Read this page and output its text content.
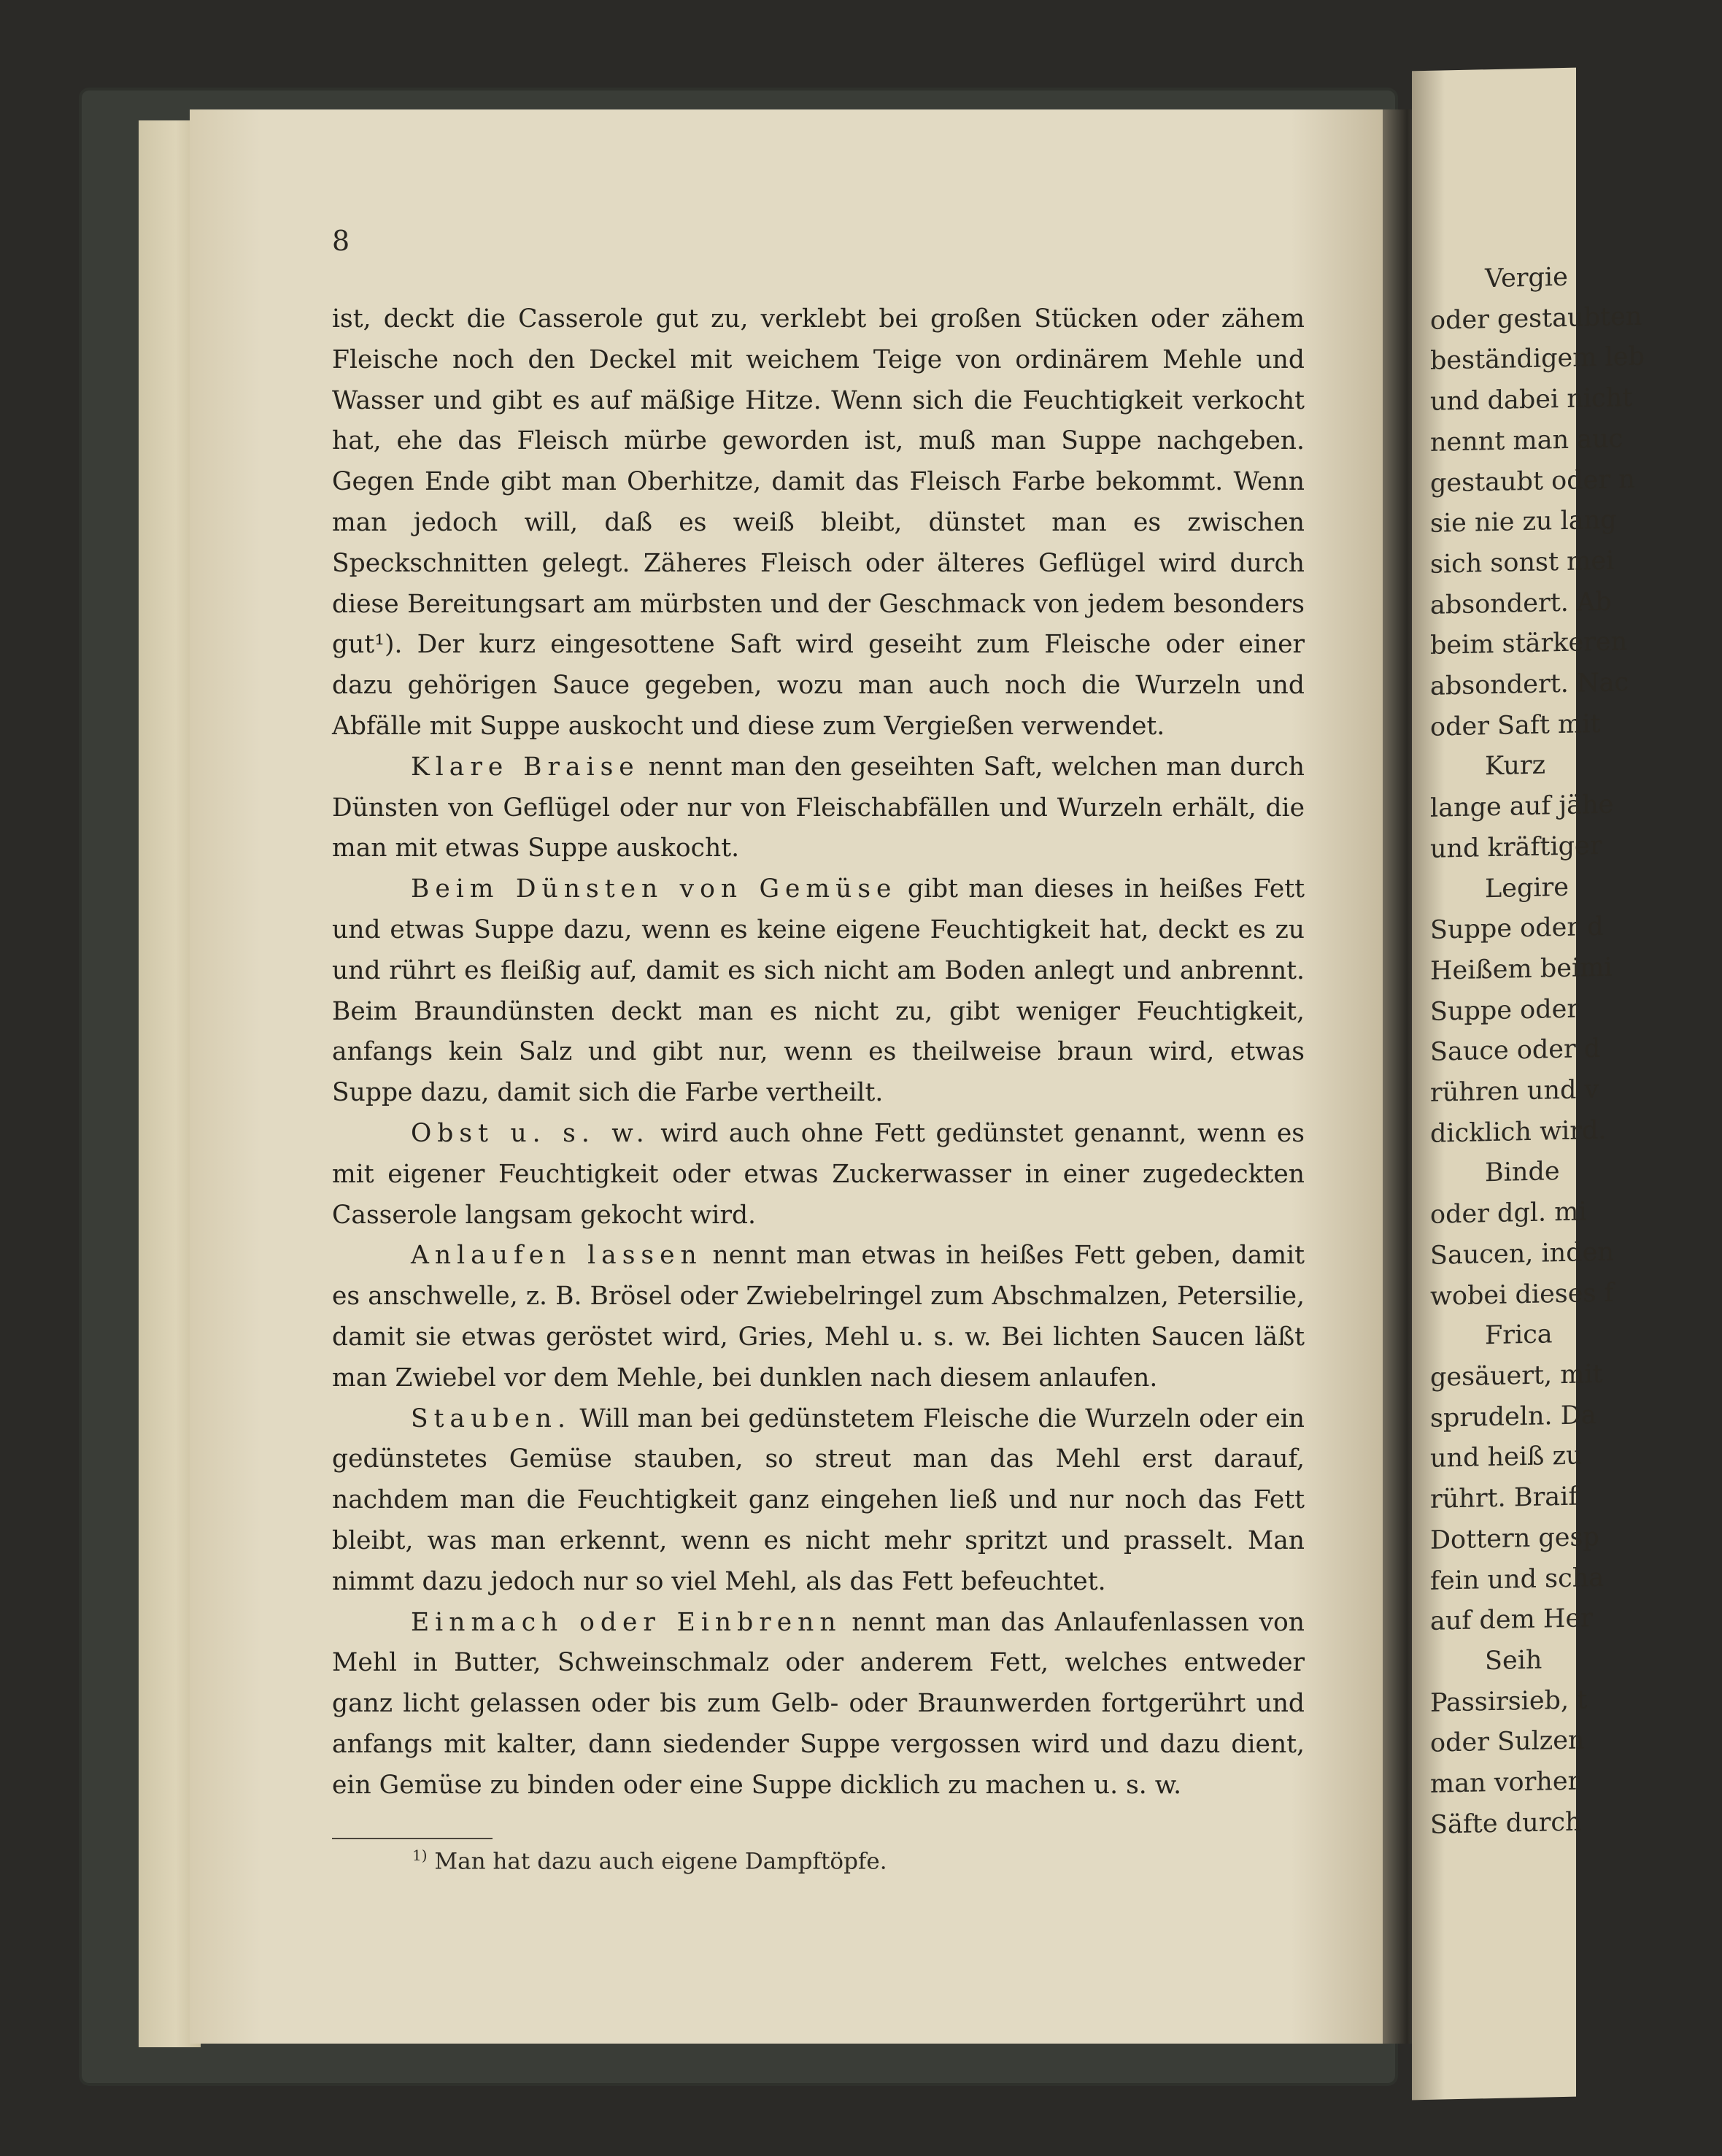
Vergie
oder gestaubten
beständigem leb
und dabei nicht
nennt man auc
gestaubt oder n
sie nie zu lang
sich sonst mei
absondert. Ab
beim stärkeren
absondert. Nac
oder Saft mit
Kurz
lange auf jähe
und kräftiger
Legire
Suppe oder d
Heißem beimi
Suppe oder
Sauce oder d
rühren und v
dicklich wird.
Binde
oder dgl. mi
Saucen, inden
wobei dieses f
Frica
gesäuert, mit
sprudeln. Da
und heiß zu
rührt. Braif
Dottern gesp
fein und scha
auf dem Her
Seih
Passirsieb, t
oder Sulzen
man vorher
Säfte durch
8

ist, deckt die Casserole gut zu, verklebt bei großen Stücken oder zähem Fleische noch den Deckel mit weichem Teige von ordinärem Mehle und Wasser und gibt es auf mäßige Hitze. Wenn sich die Feuchtigkeit verkocht hat, ehe das Fleisch mürbe geworden ist, muß man Suppe nachgeben. Gegen Ende gibt man Oberhitze, damit das Fleisch Farbe bekommt. Wenn man jedoch will, daß es weiß bleibt, dünstet man es zwischen Speckschnitten gelegt. Zäheres Fleisch oder älteres Geflügel wird durch diese Bereitungsart am mürbsten und der Geschmack von jedem besonders gut¹). Der kurz eingesottene Saft wird geseiht zum Fleische oder einer dazu gehörigen Sauce gegeben, wozu man auch noch die Wurzeln und Abfälle mit Suppe auskocht und diese zum Vergießen verwendet.

Klare Braise nennt man den geseihten Saft, welchen man durch Dünsten von Geflügel oder nur von Fleischabfällen und Wurzeln erhält, die man mit etwas Suppe auskocht.

Beim Dünsten von Gemüse gibt man dieses in heißes Fett und etwas Suppe dazu, wenn es keine eigene Feuchtigkeit hat, deckt es zu und rührt es fleißig auf, damit es sich nicht am Boden anlegt und anbrennt. Beim Braundünsten deckt man es nicht zu, gibt weniger Feuchtigkeit, anfangs kein Salz und gibt nur, wenn es theilweise braun wird, etwas Suppe dazu, damit sich die Farbe vertheilt.

Obst u. s. w. wird auch ohne Fett gedünstet genannt, wenn es mit eigener Feuchtigkeit oder etwas Zuckerwasser in einer zugedeckten Casserole langsam gekocht wird.

Anlaufen lassen nennt man etwas in heißes Fett geben, damit es anschwelle, z. B. Brösel oder Zwiebelringel zum Abschmalzen, Petersilie, damit sie etwas geröstet wird, Gries, Mehl u. s. w. Bei lichten Saucen läßt man Zwiebel vor dem Mehle, bei dunklen nach diesem anlaufen.

Stauben. Will man bei gedünstetem Fleische die Wurzeln oder ein gedünstetes Gemüse stauben, so streut man das Mehl erst darauf, nachdem man die Feuchtigkeit ganz eingehen ließ und nur noch das Fett bleibt, was man erkennt, wenn es nicht mehr spritzt und prasselt. Man nimmt dazu jedoch nur so viel Mehl, als das Fett befeuchtet.

Einmach oder Einbrenn nennt man das Anlaufenlassen von Mehl in Butter, Schweinschmalz oder anderem Fett, welches entweder ganz licht gelassen oder bis zum Gelb- oder Braunwerden fortgerührt und anfangs mit kalter, dann siedender Suppe vergossen wird und dazu dient, ein Gemüse zu binden oder eine Suppe dicklich zu machen u. s. w.

$^{1)}$ Man hat dazu auch eigene Dampftöpfe.
